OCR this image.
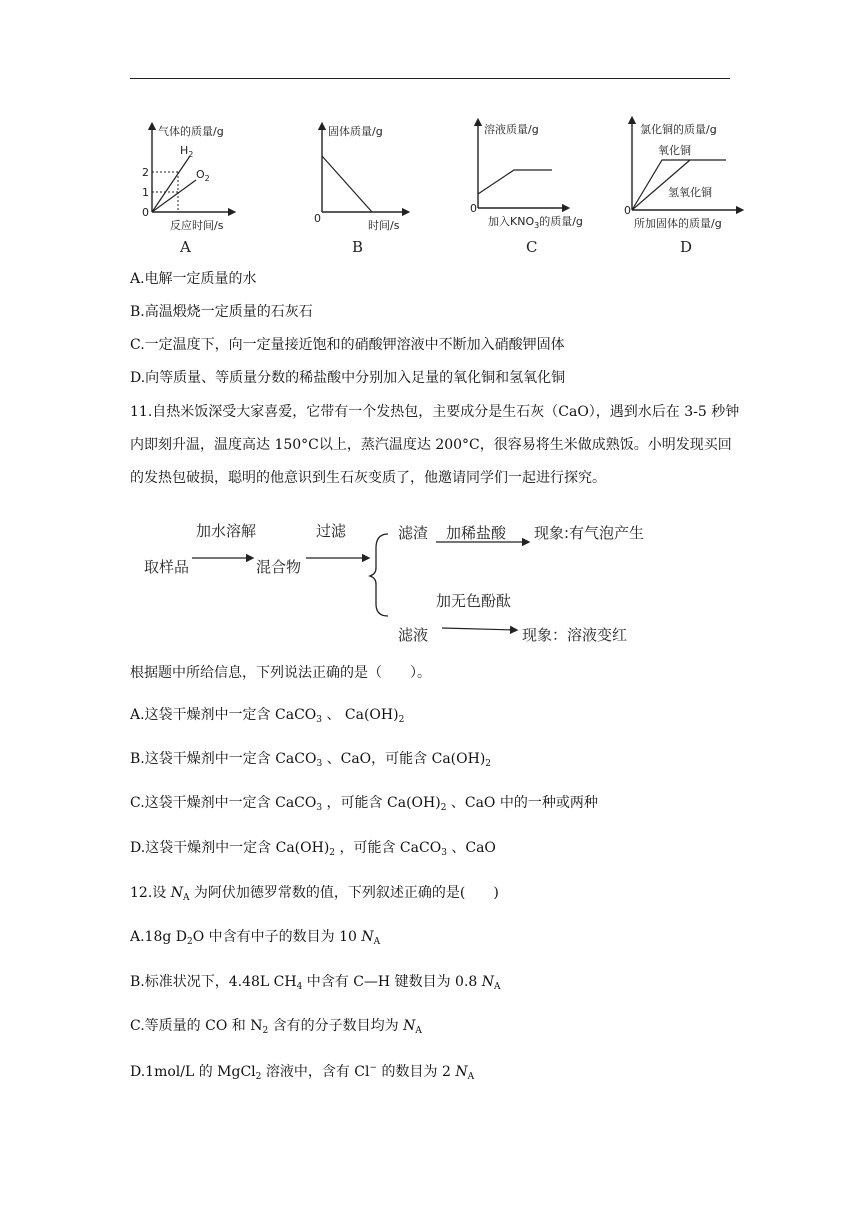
气体的质量/g
反应时间/s
0
1
2
$H_2$
$O_2$
A
固体质量/g
时间/s
0
B
溶液质量/g
0
加入$KNO_3$的质量/g
C
氯化铜的质量/g
0
氧化铜
氢氧化铜
所加固体的质量/g
D
A.电解一定质量的水
B.高温煅烧一定质量的石灰石
C.一定温度下，向一定量接近饱和的硝酸钾溶液中不断加入硝酸钾固体
D.向等质量、等质量分数的稀盐酸中分别加入足量的氧化铜和氢氧化铜
11.自热米饭深受大家喜爱，它带有一个发热包，主要成分是生石灰（CaO），遇到水后在 3-5 秒钟内即刻升温，温度高达 150°C以上，蒸汽温度达 200°C，很容易将生米做成熟饭。小明发现买回的发热包破损，聪明的他意识到生石灰变质了，他邀请同学们一起进行探究。
取样品
加水溶解
混合物
过滤	滤渣 加稀盐酸 现象:有气泡产生
加无色酚酞
滤液	现象：溶液变红
根据题中所给信息，下列说法正确的是（　　）。
A.这袋干燥剂中一定含 CaCO$_3$ 、 $Ca(OH)_2$
B.这袋干燥剂中一定含 CaCO$_3$ 、CaO，可能含 $Ca(OH)_2$
C.这袋干燥剂中一定含 CaCO$_3$ ，可能含 $Ca(OH)_2$ 、CaO 中的一种或两种
D.这袋干燥剂中一定含 $Ca(OH)_2$ ，可能含 CaCO$_3$ 、CaO
12.设 $N_A$ 为阿伏加德罗常数的值，下列叙述正确的是(　　)
A.18g $D_2O$ 中含有中子的数目为 10 $N_A$
B.标准状况下，4.48L $CH_4$ 中含有 C—H 键数目为 0.8 $N_A$
C.等质量的 CO 和 $N_2$ 含有的分子数目均为 $N_A$
D.1mol/L 的 MgCl$_2$ 溶液中，含有 Cl− 的数目为 2 $N_A$
